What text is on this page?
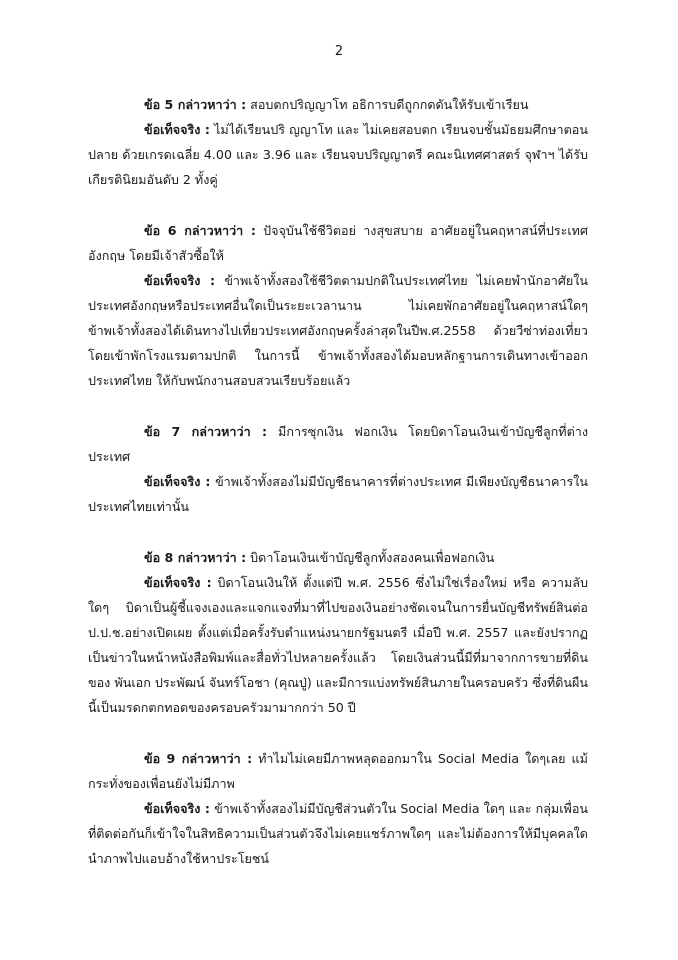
2

ข้อ 5 กล่าวหาว่า : สอบตกปริญญาโท อธิการบดีถูกกดดันให้รับเข้าเรียน

ข้อเท็จจริง : ไม่ได้เรียนปริ ญญาโท และ ไม่เคยสอบตก เรียนจบชั้นมัธยมศึกษาตอนปลาย ด้วยเกรดเฉลี่ย 4.00 และ 3.96 และ เรียนจบปริญญาตรี คณะนิเทศศาสตร์ จุฬาฯ ได้รับเกียรตินิยมอันดับ 2 ทั้งคู่

ข้อ 6 กล่าวหาว่า : ปัจจุบันใช้ชีวิตอย่ างสุขสบาย อาศัยอยู่ในคฤหาสน์ที่ประเทศอังกฤษ โดยมีเจ้าสัวซื้อให้

ข้อเท็จจริง : ข้าพเจ้าทั้งสองใช้ชีวิตตามปกติในประเทศไทย ไม่เคยพำนักอาศัยในประเทศอังกฤษหรือประเทศอื่นใดเป็นระยะเวลานาน ไม่เคยพักอาศัยอยู่ในคฤหาสน์ใดๆ ข้าพเจ้าทั้งสองได้เดินทางไปเที่ยวประเทศอังกฤษครั้งล่าสุดในปีพ.ศ.2558 ด้วยวีซ่าท่องเที่ยว โดยเข้าพักโรงแรมตามปกติ ในการนี้ ข้าพเจ้าทั้งสองได้มอบหลักฐานการเดินทางเข้าออกประเทศไทย ให้กับพนักงานสอบสวนเรียบร้อยแล้ว

ข้อ 7 กล่าวหาว่า : มีการซุกเงิน ฟอกเงิน โดยบิดาโอนเงินเข้าบัญชีลูกที่ต่างประเทศ

ข้อเท็จจริง : ข้าพเจ้าทั้งสองไม่มีบัญชีธนาคารที่ต่างประเทศ มีเพียงบัญชีธนาคารในประเทศไทยเท่านั้น

ข้อ 8 กล่าวหาว่า : บิดาโอนเงินเข้าบัญชีลูกทั้งสองคนเพื่อฟอกเงิน

ข้อเท็จจริง : บิดาโอนเงินให้ ตั้งแต่ปี พ.ศ. 2556 ซึ่งไม่ใช่เรื่องใหม่ หรือ ความลับใดๆ บิดาเป็นผู้ชี้แจงเองและแจกแจงที่มาที่ไปของเงินอย่างชัดเจนในการยื่นบัญชีทรัพย์สินต่อป.ป.ช.อย่างเปิดเผย ตั้งแต่เมื่อครั้งรับตำแหน่งนายกรัฐมนตรี เมื่อปี พ.ศ. 2557 และยังปรากฏเป็นข่าวในหน้าหนังสือพิมพ์และสื่อทั่วไปหลายครั้งแล้ว โดยเงินส่วนนี้มีที่มาจากการขายที่ดินของ พันเอก ประพัฒน์ จันทร์โอชา (คุณปู่) และมีการแบ่งทรัพย์สินภายในครอบครัว ซึ่งที่ดินผืนนี้เป็นมรดกตกทอดของครอบครัวมามากกว่า 50 ปี

ข้อ 9 กล่าวหาว่า : ทำไมไม่เคยมีภาพหลุดออกมาใน Social Media ใดๆเลย แม้กระทั่งของเพื่อนยังไม่มีภาพ

ข้อเท็จจริง : ข้าพเจ้าทั้งสองไม่มีบัญชีส่วนตัวใน Social Media ใดๆ และ กลุ่มเพื่อนที่ติดต่อกันก็เข้าใจในสิทธิความเป็นส่วนตัวจึงไม่เคยแชร์ภาพใดๆ และไม่ต้องการให้มีบุคคลใดนำภาพไปแอบอ้างใช้หาประโยชน์
